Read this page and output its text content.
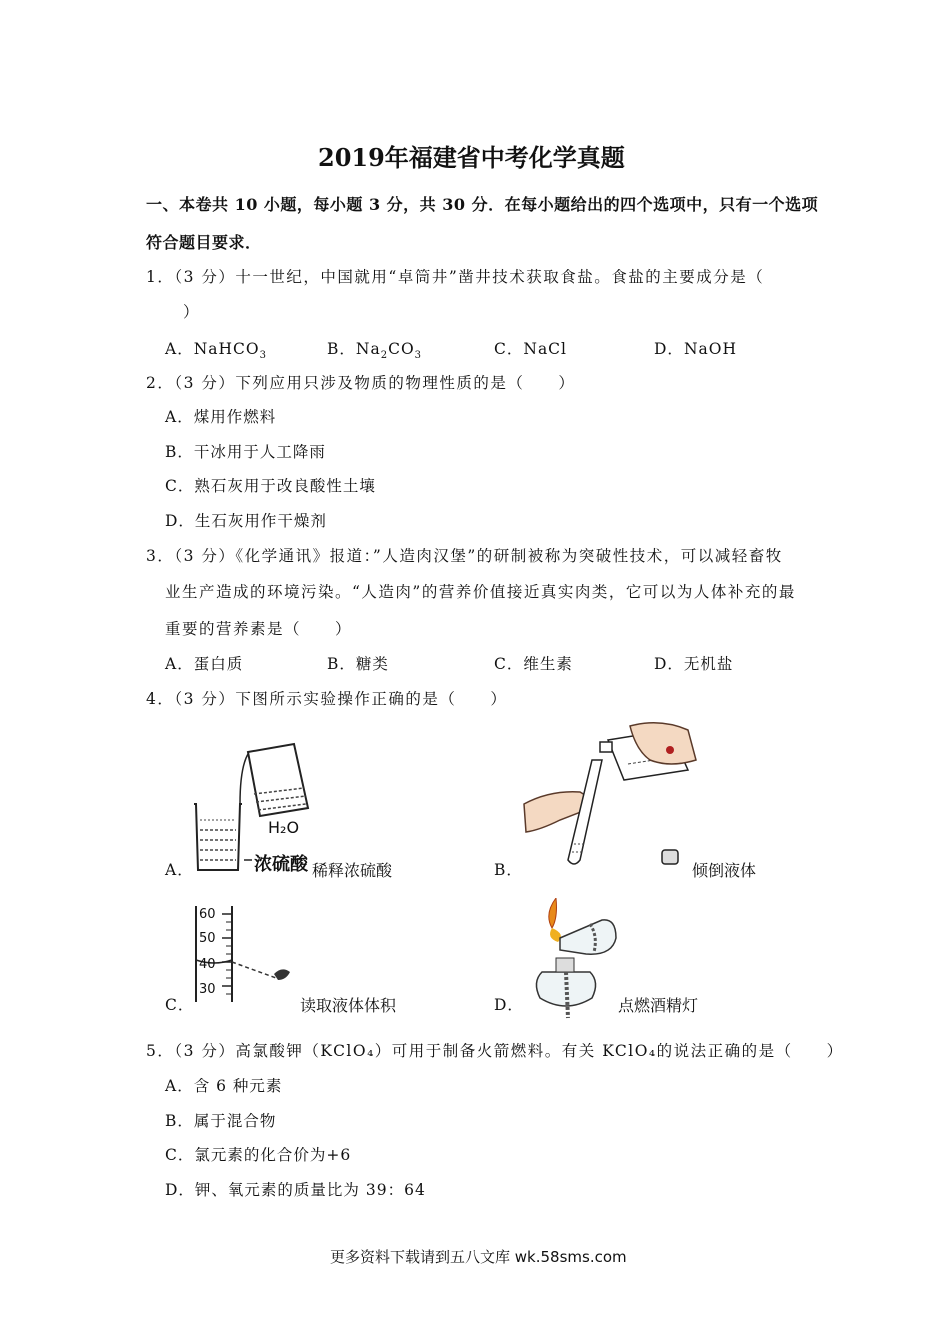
2019年福建省中考化学真题
一、本卷共 10 小题，每小题 3 分，共 30 分．在每小题给出的四个选项中，只有一个选项
符合题目要求．
1．（3 分）十一世纪，中国就用“卓筒井”凿井技术获取食盐。食盐的主要成分是（
）
A．NaHCO$_3$	B．$Na_2CO_3$	C．NaCl	D．NaOH
2．（3 分）下列应用只涉及物质的物理性质的是（　　）
A．煤用作燃料
B．干冰用于人工降雨
C．熟石灰用于改良酸性土壤
D．生石灰用作干燥剂
3．（3 分）《化学通讯》报道：”人造肉汉堡”的研制被称为突破性技术，可以减轻畜牧
业生产造成的环境污染。“人造肉”的营养价值接近真实肉类，它可以为人体补充的最
重要的营养素是（　　）
A．蛋白质	B．糖类	C．维生素	D．无机盐
4．（3 分）下图所示实验操作正确的是（　　）
H₂O
浓硫酸
A．	稀释浓硫酸	B．	倾倒液体
60
50
40
30
C．	读取液体体积	D．	点燃酒精灯
5．（3 分）高氯酸钾（KClO₄）可用于制备火箭燃料。有关 KClO₄的说法正确的是（　　）
A．含 6 种元素
B．属于混合物
C．氯元素的化合价为+6
D．钾、氧元素的质量比为 39：64
更多资料下载请到五八文库 wk.58sms.com
